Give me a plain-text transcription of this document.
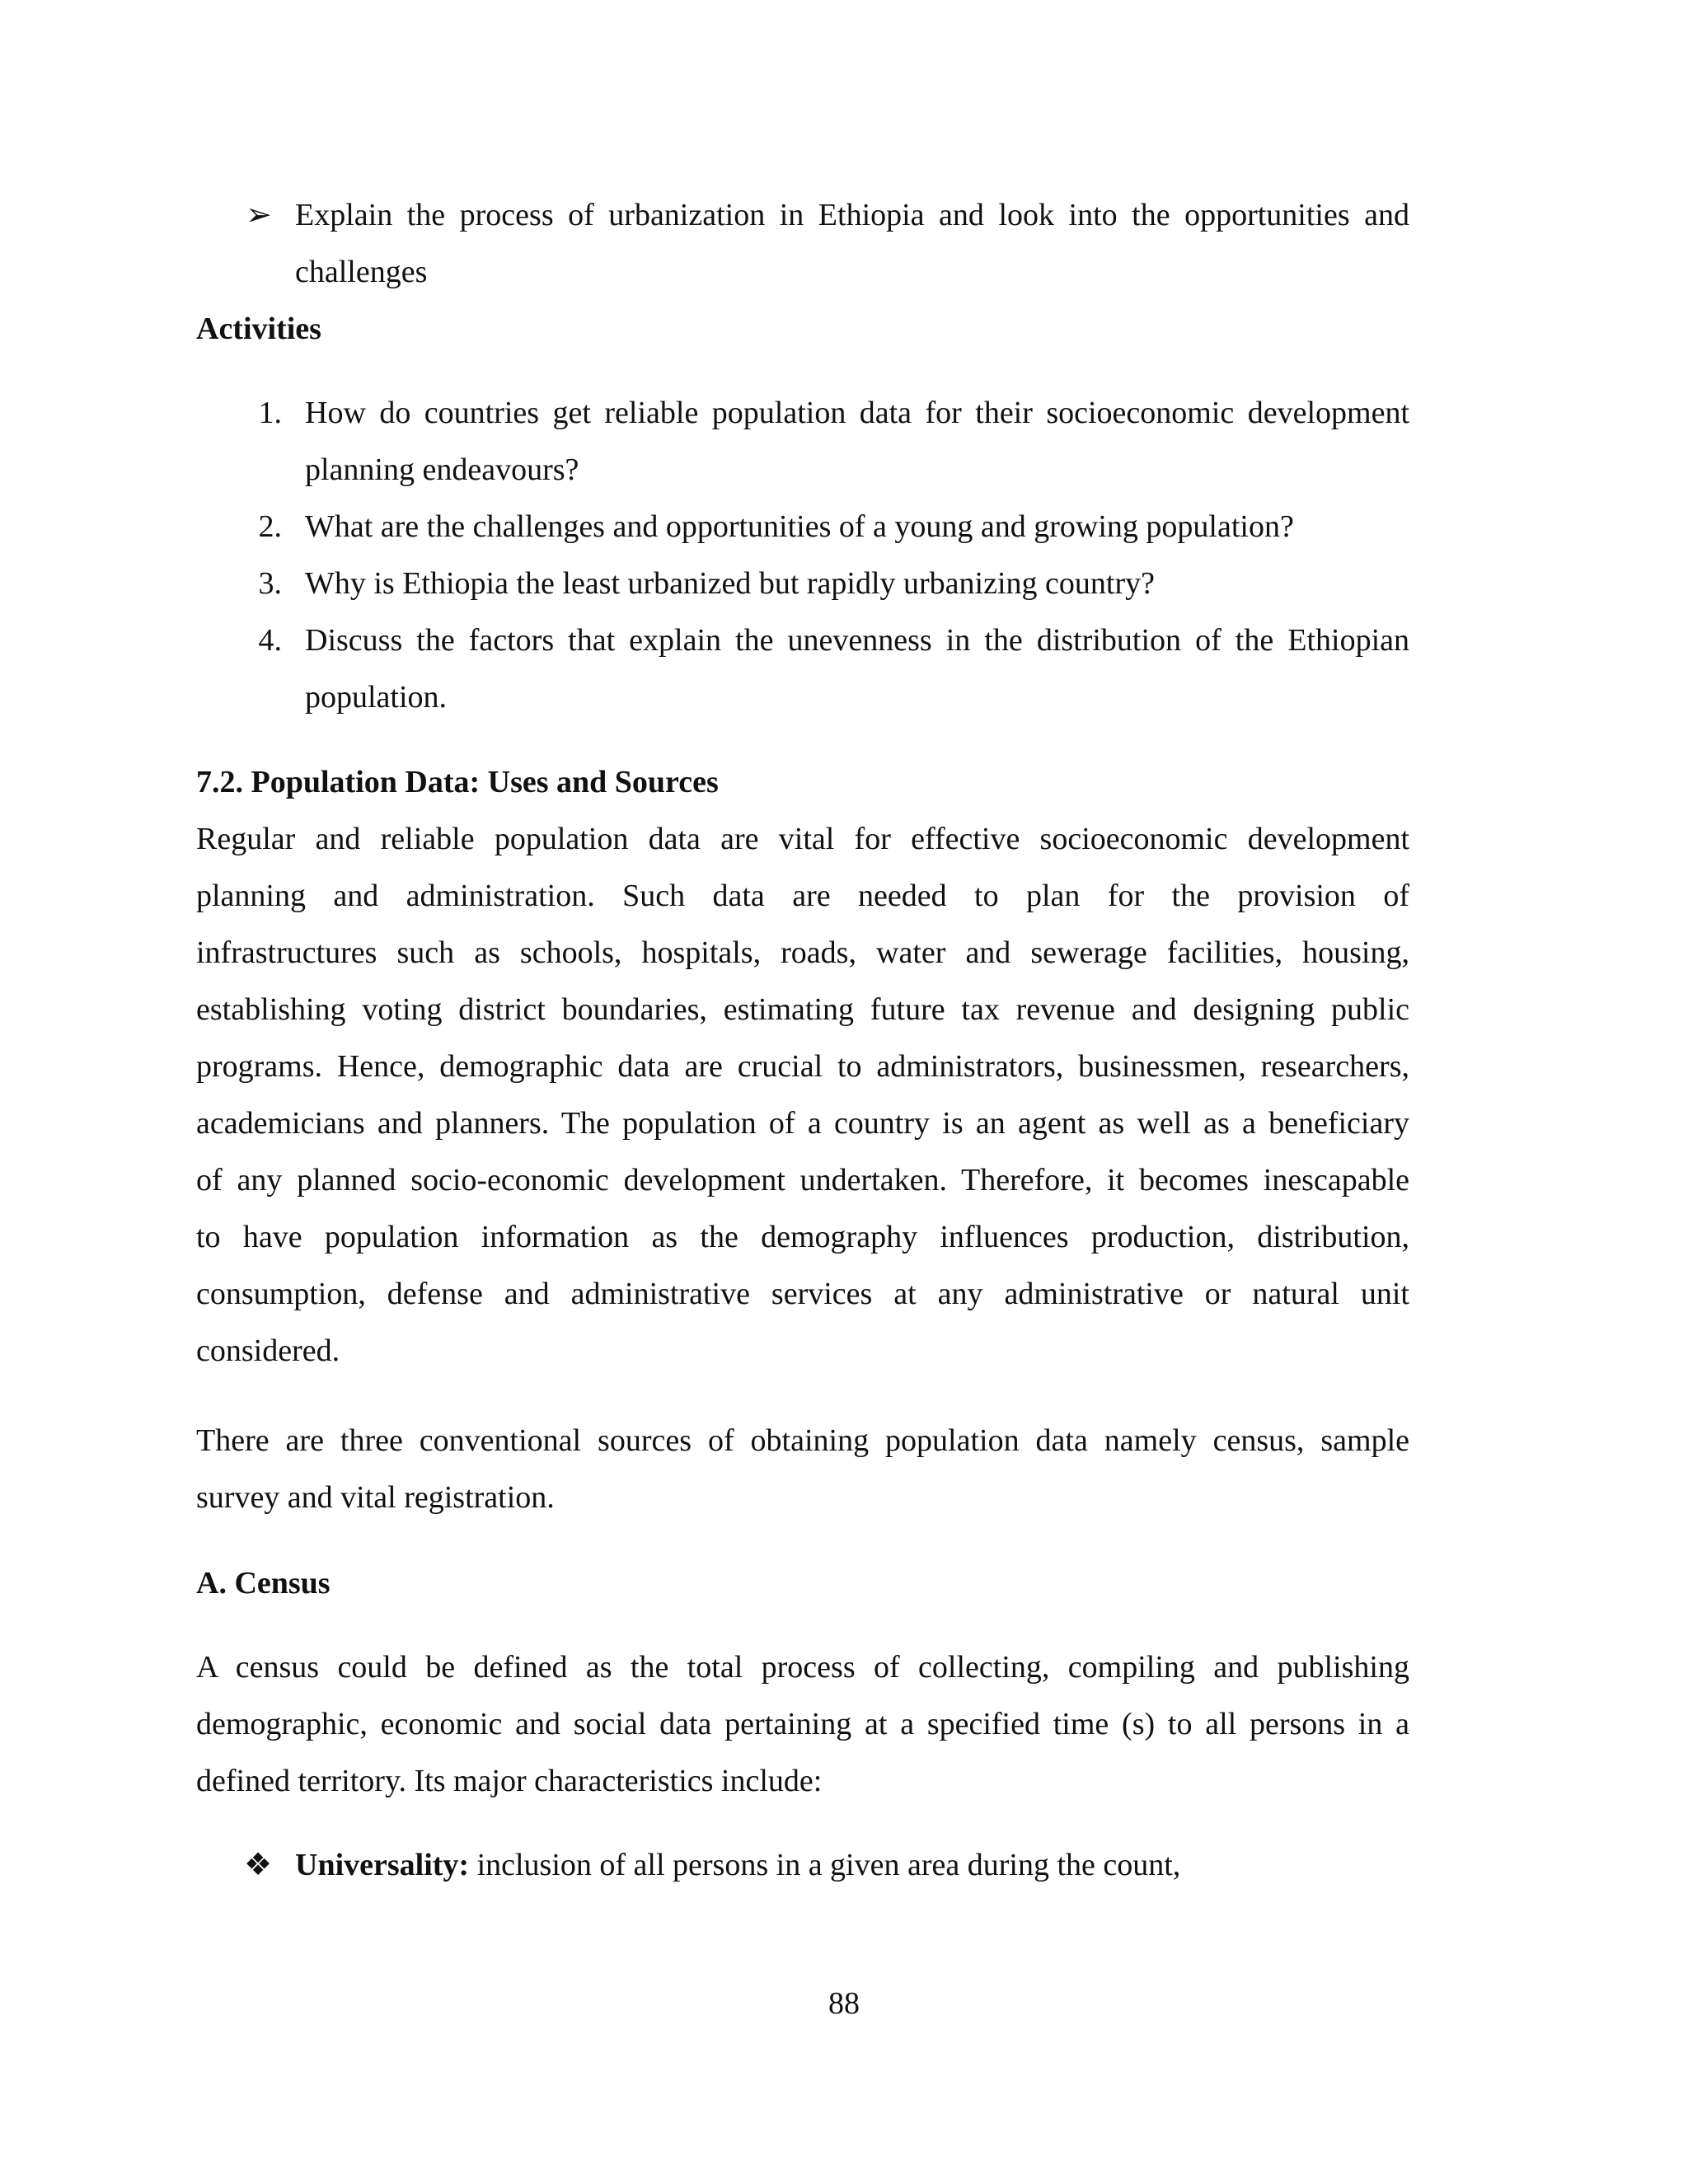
➢ Explain the process of urbanization in Ethiopia and look into the opportunities and
challenges
Activities
1. How do countries get reliable population data for their socioeconomic development
planning endeavours?
2. What are the challenges and opportunities of a young and growing population?
3. Why is Ethiopia the least urbanized but rapidly urbanizing country?
4. Discuss the factors that explain the unevenness in the distribution of the Ethiopian
population.
7.2. Population Data: Uses and Sources
Regular and reliable population data are vital for effective socioeconomic development
planning and administration. Such data are needed to plan for the provision of
infrastructures such as schools, hospitals, roads, water and sewerage facilities, housing,
establishing voting district boundaries, estimating future tax revenue and designing public
programs. Hence, demographic data are crucial to administrators, businessmen, researchers,
academicians and planners. The population of a country is an agent as well as a beneficiary
of any planned socio-economic development undertaken. Therefore, it becomes inescapable
to have population information as the demography influences production, distribution,
consumption, defense and administrative services at any administrative or natural unit
considered.
There are three conventional sources of obtaining population data namely census, sample
survey and vital registration.
A. Census
A census could be defined as the total process of collecting, compiling and publishing
demographic, economic and social data pertaining at a specified time (s) to all persons in a
defined territory. Its major characteristics include:
❖ Universality: inclusion of all persons in a given area during the count,
88
